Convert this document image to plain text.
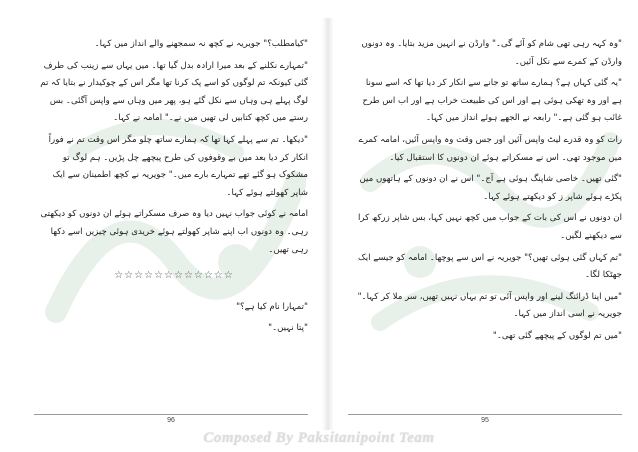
"کیامطلب؟" جویریہ نے کچھ نہ سمجھنے والے انداز میں کہا۔

"تمہارے نکلنے کے بعد میرا ارادہ بدل گیا تھا۔ میں یہاں سے زینب کی طرف گئی کیونکہ تم لوگوں کو اسے پک کرنا تھا مگر اس کے چوکیدار نے بتایا کہ تم لوگ پہلے ہی وہاں سے نکل گئے ہو، پھر میں وہاں سے واپس آگئی۔ بس رستے میں کچھ کتابیں لی تھیں میں نے۔" امامہ نے کہا۔

"دیکھا۔ تم سے پہلے کہا تھا کہ ہمارے ساتھ چلو مگر اس وقت تم نے فوراً انکار کر دیا بعد میں بے وقوفوں کی طرح پیچھے چل پڑیں۔ ہم لوگ تو مشکوک ہو گئے تھے تمہارے بارے میں۔" جویریہ نے کچھ اطمینان سے ایک شاپر کھولتے ہوئے کہا۔

امامہ نے کوئی جواب نہیں دیا وہ صرف مسکراتے ہوئے ان دونوں کو دیکھتی رہی۔ وہ دونوں اب اپنے شاپر کھولتے ہوئے خریدی ہوئی چیزیں اسے دکھا رہی تھیں۔

☆☆☆☆☆☆☆☆☆☆☆☆

"تمہارا نام کیا ہے؟"

"پتا نہیں۔"

96

"وہ کہہ رہی تھی شام کو آئے گی۔" وارڈن نے انہیں مزید بتایا۔ وہ دونوں وارڈن کے کمرے سے نکل آئیں۔

"یہ گئی کہاں ہے؟ ہمارے ساتھ تو جانے سے انکار کر دیا تھا کہ اسے سونا ہے اور وہ تھکی ہوئی ہے اور اس کی طبیعت خراب ہے اور اب اس طرح غائب ہو گئی ہے۔" رابعہ نے الجھے ہوئے انداز میں کہا۔

رات کو وہ قدرے لیٹ واپس آئیں اور جس وقت وہ واپس آئیں، امامہ کمرے میں موجود تھی۔ اس نے مسکراتے ہوئے ان دونوں کا استقبال کیا۔

"گئی تھیں۔ خاصی شاپنگ ہوئی ہے آج۔" اس نے ان دونوں کے ہاتھوں میں پکڑے ہوئے شاپر ز کو دیکھتے ہوئے کہا۔

ان دونوں نے اس کی بات کے جواب میں کچھ نہیں کہا، بس شاپر زرکھ کرا سے دیکھنے لگیں۔

"تم کہاں گئی ہوئی تھیں؟" جویریہ نے اس سے پوچھا۔ امامہ کو جیسے ایک جھٹکا لگا۔

"میں اپنا ڈرائنگ لینے اور واپس آئی تو تم یہاں نہیں تھیں، سر ملا کر کہا۔" جویریہ نے اسی انداز میں کہا۔

"میں تم لوگوں کے پیچھے گئی تھی۔"

95
Composed By Paksitanipoint Team
